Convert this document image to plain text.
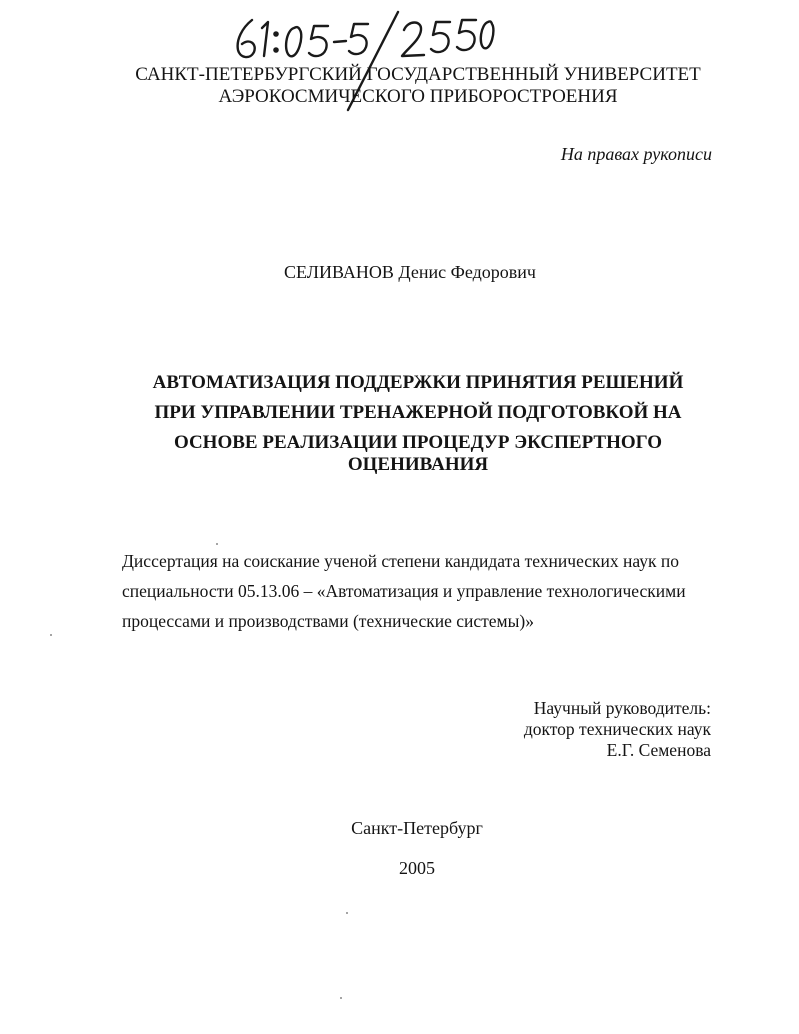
САНКТ-ПЕТЕРБУРГСКИЙ ГОСУДАРСТВЕННЫЙ УНИВЕРСИТЕТ
АЭРОКОСМИЧЕСКОГО ПРИБОРОСТРОЕНИЯ
На правах рукописи
СЕЛИВАНОВ Денис Федорович
АВТОМАТИЗАЦИЯ ПОДДЕРЖКИ ПРИНЯТИЯ РЕШЕНИЙ
ПРИ УПРАВЛЕНИИ ТРЕНАЖЕРНОЙ ПОДГОТОВКОЙ НА
ОСНОВЕ РЕАЛИЗАЦИИ ПРОЦЕДУР ЭКСПЕРТНОГО ОЦЕНИВАНИЯ
Диссертация на соискание ученой степени кандидата технических наук по
специальности 05.13.06 – «Автоматизация и управление технологическими
процессами и производствами (технические системы)»
Научный руководитель:
доктор технических наук
Е.Г. Семенова
Санкт-Петербург
2005
